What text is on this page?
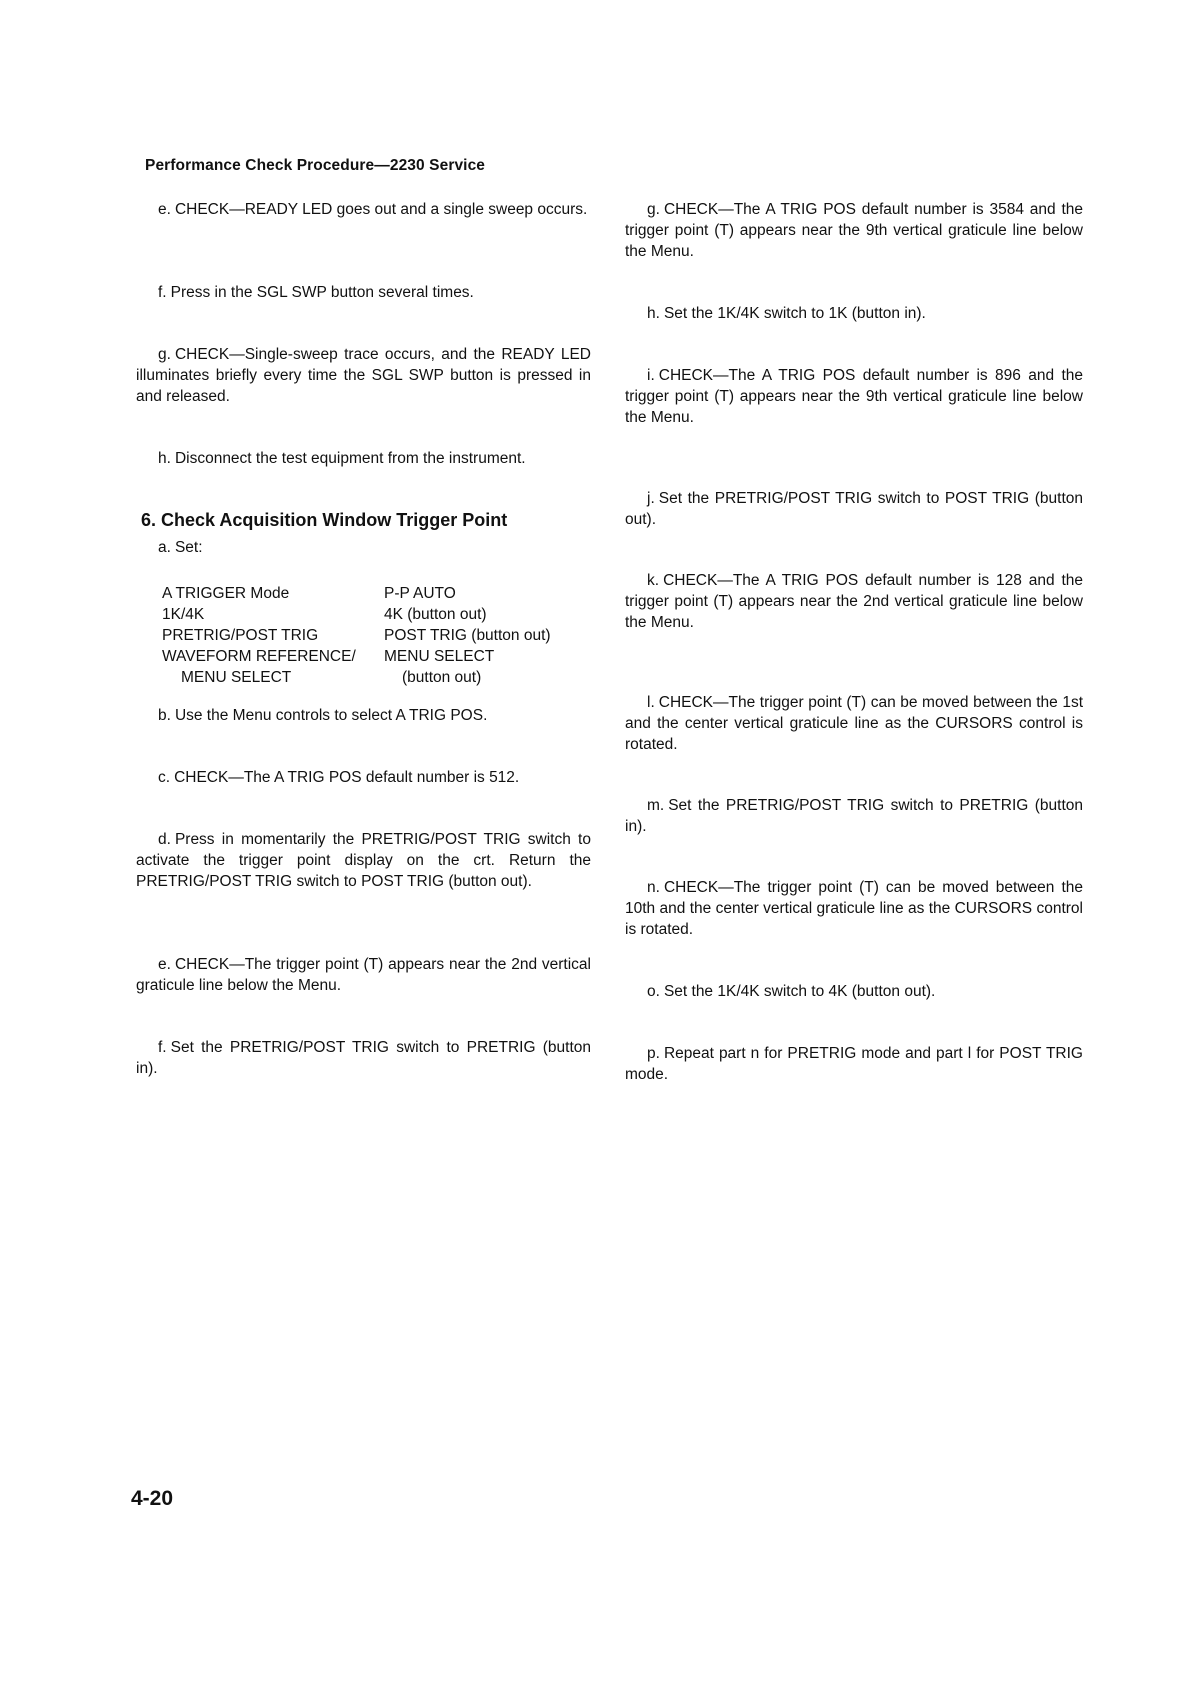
Performance Check Procedure—2230 Service

e. CHECK—READY LED goes out and a single sweep occurs.

f. Press in the SGL SWP button several times.

g. CHECK—Single-sweep trace occurs, and the READY LED illuminates briefly every time the SGL SWP button is pressed in and released.

h. Disconnect the test equipment from the instrument.

6. Check Acquisition Window Trigger Point

a. Set:

A TRIGGER Mode	P-P AUTO
1K/4K	4K (button out)
PRETRIG/POST TRIG	POST TRIG (button out)
WAVEFORM REFERENCE/	MENU SELECT
MENU SELECT	(button out)

b. Use the Menu controls to select A TRIG POS.

c. CHECK—The A TRIG POS default number is 512.

d. Press in momentarily the PRETRIG/POST TRIG switch to activate the trigger point display on the crt. Return the PRETRIG/POST TRIG switch to POST TRIG (button out).

e. CHECK—The trigger point (T) appears near the 2nd vertical graticule line below the Menu.

f. Set the PRETRIG/POST TRIG switch to PRETRIG (button in).

g. CHECK—The A TRIG POS default number is 3584 and the trigger point (T) appears near the 9th vertical graticule line below the Menu.

h. Set the 1K/4K switch to 1K (button in).

i. CHECK—The A TRIG POS default number is 896 and the trigger point (T) appears near the 9th vertical graticule line below the Menu.

j. Set the PRETRIG/POST TRIG switch to POST TRIG (button out).

k. CHECK—The A TRIG POS default number is 128 and the trigger point (T) appears near the 2nd vertical graticule line below the Menu.

l. CHECK—The trigger point (T) can be moved between the 1st and the center vertical graticule line as the CURSORS control is rotated.

m. Set the PRETRIG/POST TRIG switch to PRETRIG (button in).

n. CHECK—The trigger point (T) can be moved between the 10th and the center vertical graticule line as the CURSORS control is rotated.

o. Set the 1K/4K switch to 4K (button out).

p. Repeat part n for PRETRIG mode and part l for POST TRIG mode.

4-20
